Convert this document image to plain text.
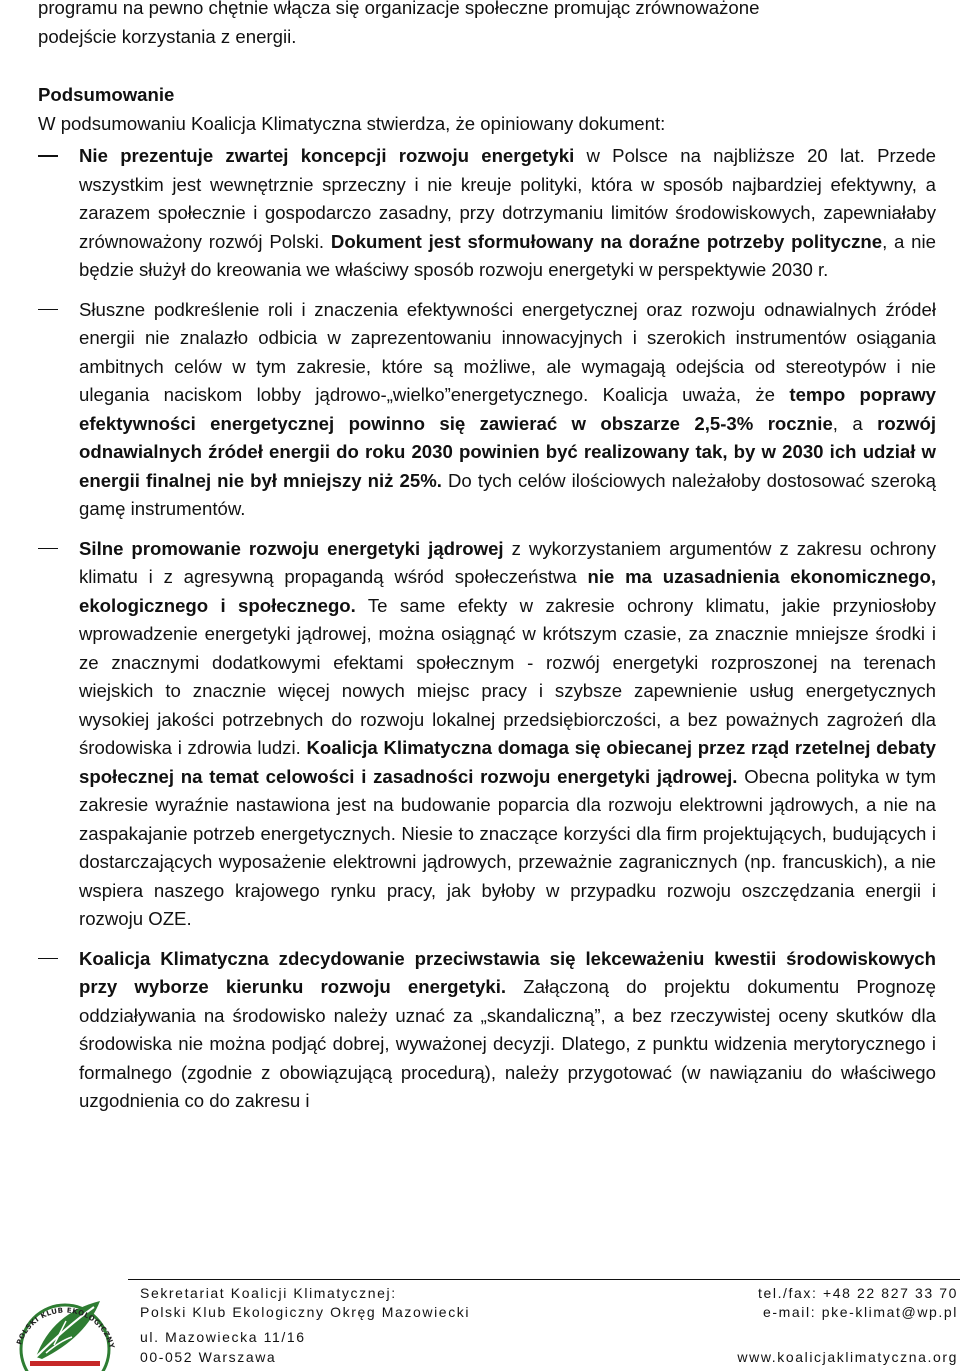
programu na pewno chętnie włącza się organizacje społeczne promując zrównoważone
podejście korzystania z energii.

Podsumowanie

W podsumowaniu Koalicja Klimatyczna stwierdza, że opiniowany dokument:

Nie prezentuje zwartej koncepcji rozwoju energetyki w Polsce na najbliższe 20 lat. Przede wszystkim jest wewnętrznie sprzeczny i nie kreuje polityki, która w sposób najbardziej efektywny, a zarazem społecznie i gospodarczo zasadny, przy dotrzymaniu limitów środowiskowych, zapewniałaby zrównoważony rozwój Polski. Dokument jest sformułowany na doraźne potrzeby polityczne, a nie będzie służył do kreowania we właściwy sposób rozwoju energetyki w perspektywie 2030 r.

Słuszne podkreślenie roli i znaczenia efektywności energetycznej oraz rozwoju odnawialnych źródeł energii nie znalazło odbicia w zaprezentowaniu innowacyjnych i szerokich instrumentów osiągania ambitnych celów w tym zakresie, które są możliwe, ale wymagają odejścia od stereotypów i nie ulegania naciskom lobby jądrowo-„wielko”energetycznego. Koalicja uważa, że tempo poprawy efektywności energetycznej powinno się zawierać w obszarze 2,5-3% rocznie, a rozwój odnawialnych źródeł energii do roku 2030 powinien być realizowany tak, by w 2030 ich udział w energii finalnej nie był mniejszy niż 25%. Do tych celów ilościowych należałoby dostosować szeroką gamę instrumentów.

Silne promowanie rozwoju energetyki jądrowej z wykorzystaniem argumentów z zakresu ochrony klimatu i z agresywną propagandą wśród społeczeństwa nie ma uzasadnienia ekonomicznego, ekologicznego i społecznego. Te same efekty w zakresie ochrony klimatu, jakie przyniosłoby wprowadzenie energetyki jądrowej, można osiągnąć w krótszym czasie, za znacznie mniejsze środki i ze znacznymi dodatkowymi efektami społecznym - rozwój energetyki rozproszonej na terenach wiejskich to znacznie więcej nowych miejsc pracy i szybsze zapewnienie usług energetycznych wysokiej jakości potrzebnych do rozwoju lokalnej przedsiębiorczości, a bez poważnych zagrożeń dla środowiska i zdrowia ludzi. Koalicja Klimatyczna domaga się obiecanej przez rząd rzetelnej debaty społecznej na temat celowości i zasadności rozwoju energetyki jądrowej. Obecna polityka w tym zakresie wyraźnie nastawiona jest na budowanie poparcia dla rozwoju elektrowni jądrowych, a nie na zaspakajanie potrzeb energetycznych. Niesie to znaczące korzyści dla firm projektujących, budujących i dostarczających wyposażenie elektrowni jądrowych, przeważnie zagranicznych (np. francuskich), a nie wspiera naszego krajowego rynku pracy, jak byłoby w przypadku rozwoju oszczędzania energii i rozwoju OZE.

Koalicja Klimatyczna zdecydowanie przeciwstawia się lekceważeniu kwestii środowiskowych przy wyborze kierunku rozwoju energetyki. Załączoną do projektu dokumentu Prognozę oddziaływania na środowisko należy uznać za „skandaliczną”, a bez rzeczywistej oceny skutków dla środowiska nie można podjąć dobrej, wyważonej decyzji. Dlatego, z punktu widzenia merytorycznego i formalnego (zgodnie z obowiązującą procedurą), należy przygotować (w nawiązaniu do właściwego uzgodnienia co do zakresu i

POLSKI KLUB EKOLOGICZNY
Sekretariat Koalicji Klimatycznej:
Polski Klub Ekologiczny Okręg Mazowiecki
ul. Mazowiecka 11/16
00-052 Warszawa
tel./fax: +48 22 827 33 70
e-mail: pke-klimat@wp.pl
www.koalicjaklimatyczna.org
